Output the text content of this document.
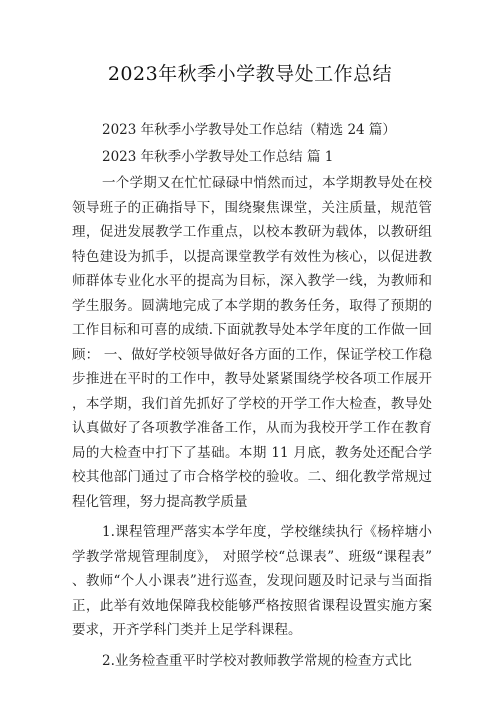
2023年秋季小学教导处工作总结
2023 年秋季小学教导处工作总结（精选 24 篇）
2023 年秋季小学教导处工作总结 篇 1

一个学期又在忙忙碌碌中悄然而过，本学期教导处在校领导班子的正确指导下，围绕聚焦课堂，关注质量，规范管理，促进发展教学工作重点，以校本教研为载体，以教研组特色建设为抓手，以提高课堂教学有效性为核心，以促进教师群体专业化水平的提高为目标，深入教学一线，为教师和学生服务。圆满地完成了本学期的教务任务，取得了预期的工作目标和可喜的成绩.下面就教导处本学年度的工作做一回顾： 一、做好学校领导做好各方面的工作，保证学校工作稳步推进在平时的工作中，教导处紧紧围绕学校各项工作展开，本学期，我们首先抓好了学校的开学工作大检查，教导处认真做好了各项教学准备工作，从而为我校开学工作在教育局的大检查中打下了基础。本期 11 月底，教务处还配合学校其他部门通过了市合格学校的验收。二、细化教学常规过程化管理，努力提高教学质量

1.课程管理严落实本学年度，学校继续执行《杨梓塘小学教学常规管理制度》， 对照学校“总课表”、班级“课程表”、教师“个人小课表”进行巡查，发现问题及时记录与当面指正，此举有效地保障我校能够严格按照省课程设置实施方案要求，开齐学科门类并上足学科课程。

2.业务检查重平时学校对教师教学常规的检查方式比
